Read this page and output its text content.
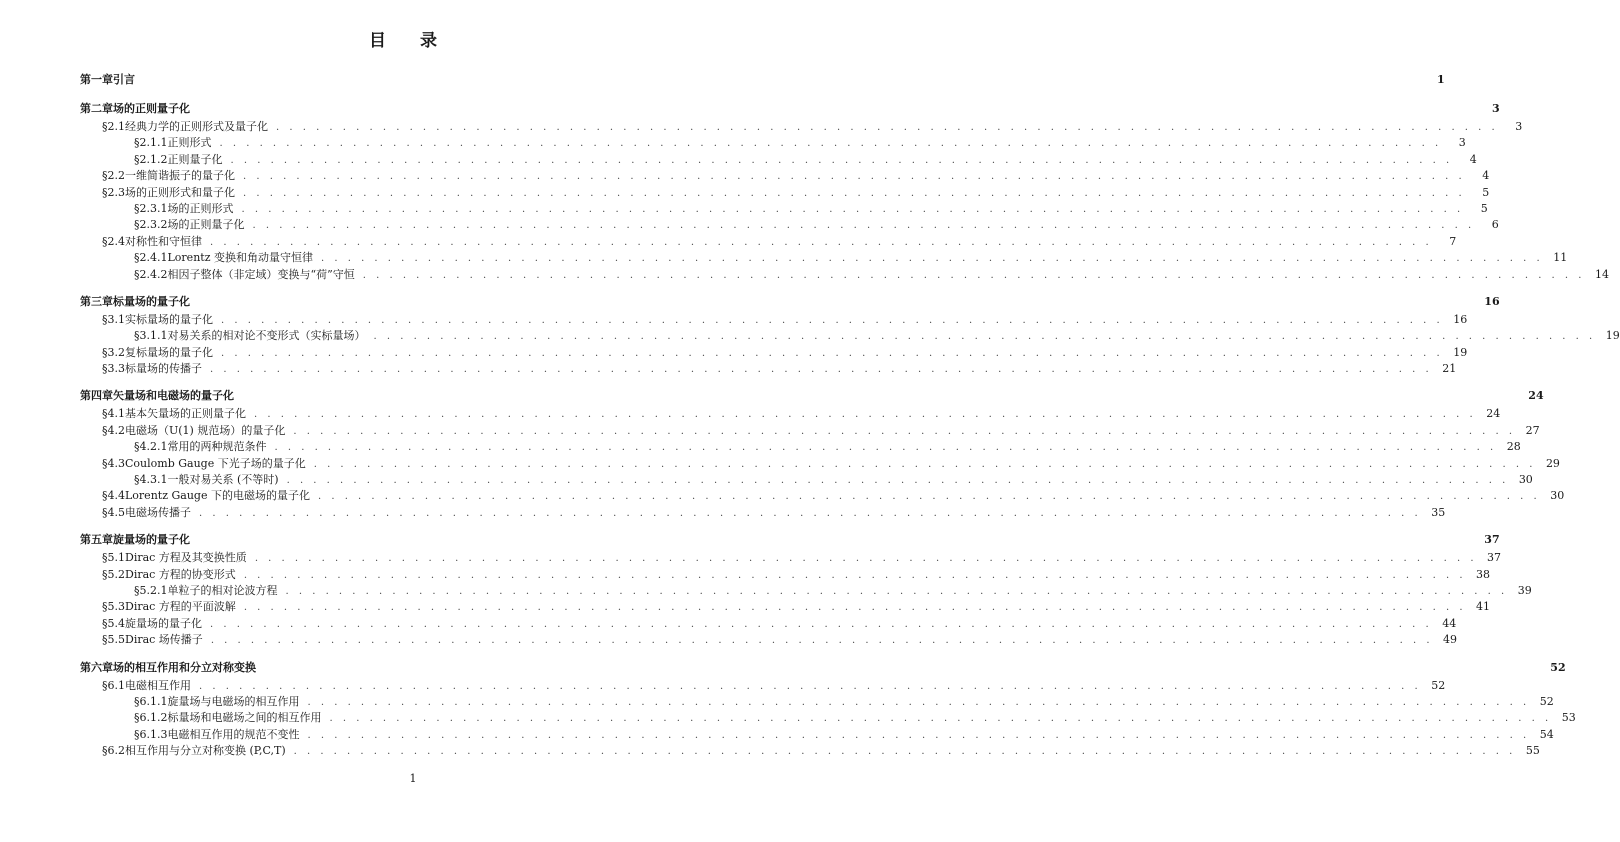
目 录
第一章 引言	1
第二章 场的正则量子化	3
§2.1 经典力学的正则形式及量子化 . . .	3
§2.1.1 正则形式 . . .	3
§2.1.2 正则量子化 . . .	4
§2.2 一维简谐振子的量子化 . . .	4
§2.3 场的正则形式和量子化 . . .	5
§2.3.1 场的正则形式 . . .	5
§2.3.2 场的正则量子化 . . .	6
§2.4 对称性和守恒律 . . .	7
§2.4.1 Lorentz 变换和角动量守恒律 . . .	11
§2.4.2 相因子整体（非定域）变换与“荷”守恒 . . .	14
第三章 标量场的量子化	16
§3.1 实标量场的量子化 . . .	16
§3.1.1 对易关系的相对论不变形式（实标量场） . . .	19
§3.2 复标量场的量子化 . . .	19
§3.3 标量场的传播子 . . .	21
第四章 矢量场和电磁场的量子化	24
§4.1 基本矢量场的正则量子化 . . .	24
§4.2 电磁场（U(1) 规范场）的量子化 . . .	27
§4.2.1 常用的两种规范条件 . . .	28
§4.3 Coulomb Gauge 下光子场的量子化 . . .	29
§4.3.1 一般对易关系 (不等时) . . .	30
§4.4 Lorentz Gauge 下的电磁场的量子化 . . .	30
§4.5 电磁场传播子 . . .	35
第五章 旋量场的量子化	37
§5.1 Dirac 方程及其变换性质 . . .	37
§5.2 Dirac 方程的协变形式 . . .	38
§5.2.1 单粒子的相对论波方程 . . .	39
§5.3 Dirac 方程的平面波解 . . .	41
§5.4 旋量场的量子化 . . .	44
§5.5 Dirac 场传播子 . . .	49
第六章 场的相互作用和分立对称变换	52
§6.1 电磁相互作用 . . .	52
§6.1.1 旋量场与电磁场的相互作用 . . .	52
§6.1.2 标量场和电磁场之间的相互作用 . . .	53
§6.1.3 电磁相互作用的规范不变性 . . .	54
§6.2 相互作用与分立对称变换 (P,C,T) . . .	55
1
